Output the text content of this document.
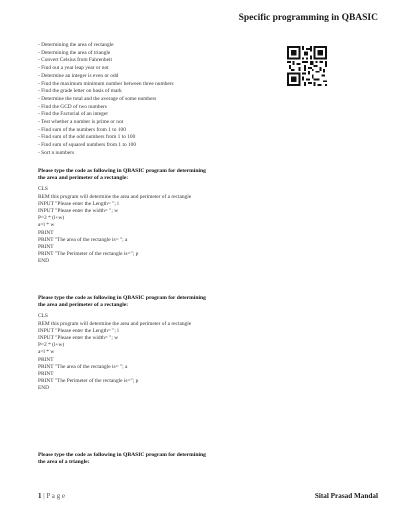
Specific programming in QBASIC
- Determining the area of rectangle
- Determining the area of triangle
- Convert Celsius from Fahrenheit
- Find out a year leap year or not
- Determine an integer is even or odd
- Find the maximum minimum number between three numbers
- Find the grade letter on basis of mark
- Determine the total and the average of some numbers
- Find the GCD of two numbers
- Find the Factorial of an integer
- Test whether a number is prime or not
- Find sum of the numbers from 1 to 100
- Find sum of the odd numbers from 1 to 100
- Find sum of squared numbers from 1 to 100
- Sort n numbers
Please type the code as following in QBASIC program for determining
the area and perimeter of a rectangle:
CLS
REM this program will determine the area and perimeter of a rectangle
INPUT "Please enter the Length= "; l
INPUT "Please enter the width= "; w
P=2 * (l+w)
a=l * w
PRINT
PRINT "The area of the rectangle is= "; a
PRINT
PRINT "The Perimeter of the rectangle is="; p
END
Please type the code as following in QBASIC program for determining
the area and perimeter of a rectangle:
CLS
REM this program will determine the area and perimeter of a rectangle
INPUT "Please enter the Length= "; l
INPUT "Please enter the width= "; w
P=2 * (l+w)
a=l * w
PRINT
PRINT "The area of the rectangle is= "; a
PRINT
PRINT "The Perimeter of the rectangle is="; p
END
Please type the code as following in QBASIC program for determining
the area of a triangle:
1 | P a g e	Sital Prasad Mandal
